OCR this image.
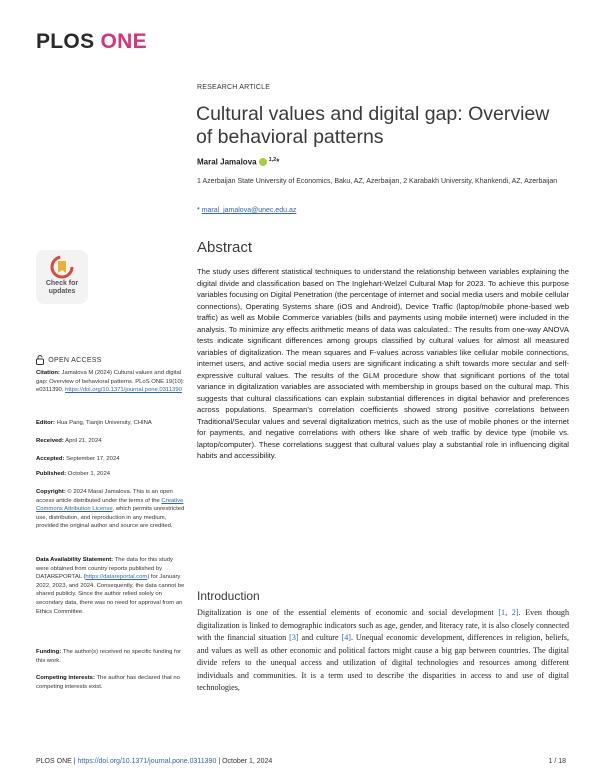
PLOS ONE
RESEARCH ARTICLE
Cultural values and digital gap: Overview of behavioral patterns
Maral Jamalova $^{1,2}$*
1 Azerbaijan State University of Economics, Baku, AZ, Azerbaijan, 2 Karabakh University, Khankendi, AZ, Azerbaijan
* maral_jamalova@unec.edu.az
Check for
updates
OPEN ACCESS
Citation: Jamalova M (2024) Cultural values and digital gap: Overview of behavioral patterns. PLoS ONE 19(10): e0311390. https://doi.org/10.1371/journal.pone.0311390
Editor: Hua Pang, Tianjin University, CHINA
Received: April 21, 2024
Accepted: September 17, 2024
Published: October 1, 2024
Copyright: © 2024 Maral Jamalova. This is an open access article distributed under the terms of the Creative Commons Attribution License, which permits unrestricted use, distribution, and reproduction in any medium, provided the original author and source are credited.
Data Availability Statement: The data for this study were obtained from country reports published by DATAREPORTAL (https://datareportal.com) for January 2022, 2023, and 2024. Consequently, the data cannot be shared publicly. Since the author relied solely on secondary data, there was no need for approval from an Ethics Committee.
Funding: The author(s) received no specific funding for this work.
Competing interests: The author has declared that no competing interests exist.
Abstract

The study uses different statistical techniques to understand the relationship between variables explaining the digital divide and classification based on The Inglehart-Welzel Cultural Map for 2023. To achieve this purpose variables focusing on Digital Penetration (the percentage of internet and social media users and mobile cellular connections), Operating Systems share (iOS and Android), Device Traffic (laptop/mobile phone-based web traffic) as well as Mobile Commerce variables (bills and payments using mobile internet) were included in the analysis. To minimize any effects arithmetic means of data was calculated.: The results from one-way ANOVA tests indicate significant differences among groups classified by cultural values for almost all measured variables of digitalization. The mean squares and F-values across variables like cellular mobile connections, internet users, and active social media users are significant indicating a shift towards more secular and self-expressive cultural values. The results of the GLM procedure show that significant portions of the total variance in digitalization variables are associated with membership in groups based on the cultural map. This suggests that cultural classifications can explain substantial differences in digital behavior and preferences across populations. Spearman's correlation coefficients showed strong positive correlations between Traditional/Secular values and several digitalization metrics, such as the use of mobile phones or the internet for payments, and negative correlations with others like share of web traffic by device type (mobile vs. laptop/computer). These correlations suggest that cultural values play a substantial role in influencing digital habits and accessibility.

Introduction

Digitalization is one of the essential elements of economic and social development [1, 2]. Even though digitalization is linked to demographic indicators such as age, gender, and literacy rate, it is also closely connected with the financial situation [3] and culture [4]. Unequal economic development, differences in religion, beliefs, and values as well as other economic and political factors might cause a big gap between countries. The digital divide refers to the unequal access and utilization of digital technologies and resources among different individuals and communities. It is a term used to describe the disparities in access to and use of digital technologies,

PLOS ONE | https://doi.org/10.1371/journal.pone.0311390 | October 1, 2024	1 / 18
